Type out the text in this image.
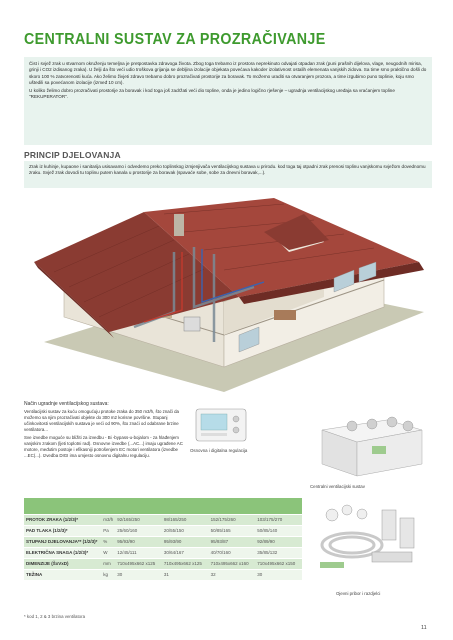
CENTRALNI SUSTAV ZA PROZRAČIVANJE

Čist i svjež zrak u stvarnom okruženju temeljna je pretpostavka zdravoga života. Zbog toga trebamo iz prostora neprekinuto odvajati otpadan zrak (puni prašnih dijelova, vlage, neugodnih mirisa, grinji i CO2 izdisanog zraka). U želji da što veći udio troškova grijanja se debljina izolacije objekata povećava kakoder izolativnost ostalih elemenata vanjskih zidova. Sa time smo praktično došli do skoro 100 % zatvorenosti kuća. Ako želimo živjeti zdravo trebamo dobro prozračivati prostorije za boravak. To možemo uraditi sa otvaranjem prozora, a time izgubimo puno toplinie, koju smo uštedili sa povećanom izolacije (izmeđ 10 cm).

U koliko želimo dobro prozračivati prostorije za boravak i kod toga još zadržati veći dio topline, onda je jedino logično rješenje – ugradnja ventilacijskog uređaja sa vraćanjem topline "REKUPERATOR".

PRINCIP DJELOVANJA
Zrak iz kuhinje, kupaone i sanitarija usisavamo i odvedemo preko toplinskog izmjenjivača ventilacijskog sustava u prirodu. kod toga taj otpadni zrak prenosi toplinu vanjskomu svježom dovednomu zraku. Svjež zrak dovodi tu toplinu putem kanala u prostorije za boravak (spavaće sobe, sobe za dnevni boravak,...).
Način ugradnje ventilacijskog sustava:

Ventilacijski sustav za kuću omogućuju protoke zraka do 350 m3/h, što znači da možemo sa njim prozračivati objekte do 300 m2 korisne površine. Stupanj učinkovitosti ventilacijskih sustava je veći od 90%, što znaći od odabrane brzine ventilatora...

Sve izvedbe moguće su bližiti za izvedbu - Bi -bypass-u-bojalom - za hlađenjem vanjskim zrakom (ljeti toplotni rad). Osnovne izvedbe (...AC...) imaju ugrađene AC motore, međutim postoje i efikasniji potrošenjem EC motori ventilatora (izvedbe ...EC(...). Izvedba DIGI ima umjesto osnovnu digitalnu regulaciju.

Osnovna i digitalna regulacija
Centralni ventilacijski sustav

PROTOK ZRAKA (1/2/3)*	m3/h	92/165/250	98/165/250	152/175/260	103/175/270
PAD TLAKA (1/2/3)*	Pa	25/60/160	20/55/150	50/85/165	50/85/140
STUPANJ DJELOVANJA** (1/2/3)*	%	95/93/90	95/93/90	95/93/87	92/89/90
ELEKTRIČNA SNAGA (1/2/3)*	W	12/45/111	30/64/167	40/70/160	35/85/132
DIMENZIJE (ŠxVxD)	mm	710x495x662 x125	710x495x662 x125	710x495x662 x160	710x495x662 x150
TEŽINA	kg	30	31	32	30
* kod 1, 2 & 3 brzina ventilatora
Ojevni pribor i razdjelci
11
